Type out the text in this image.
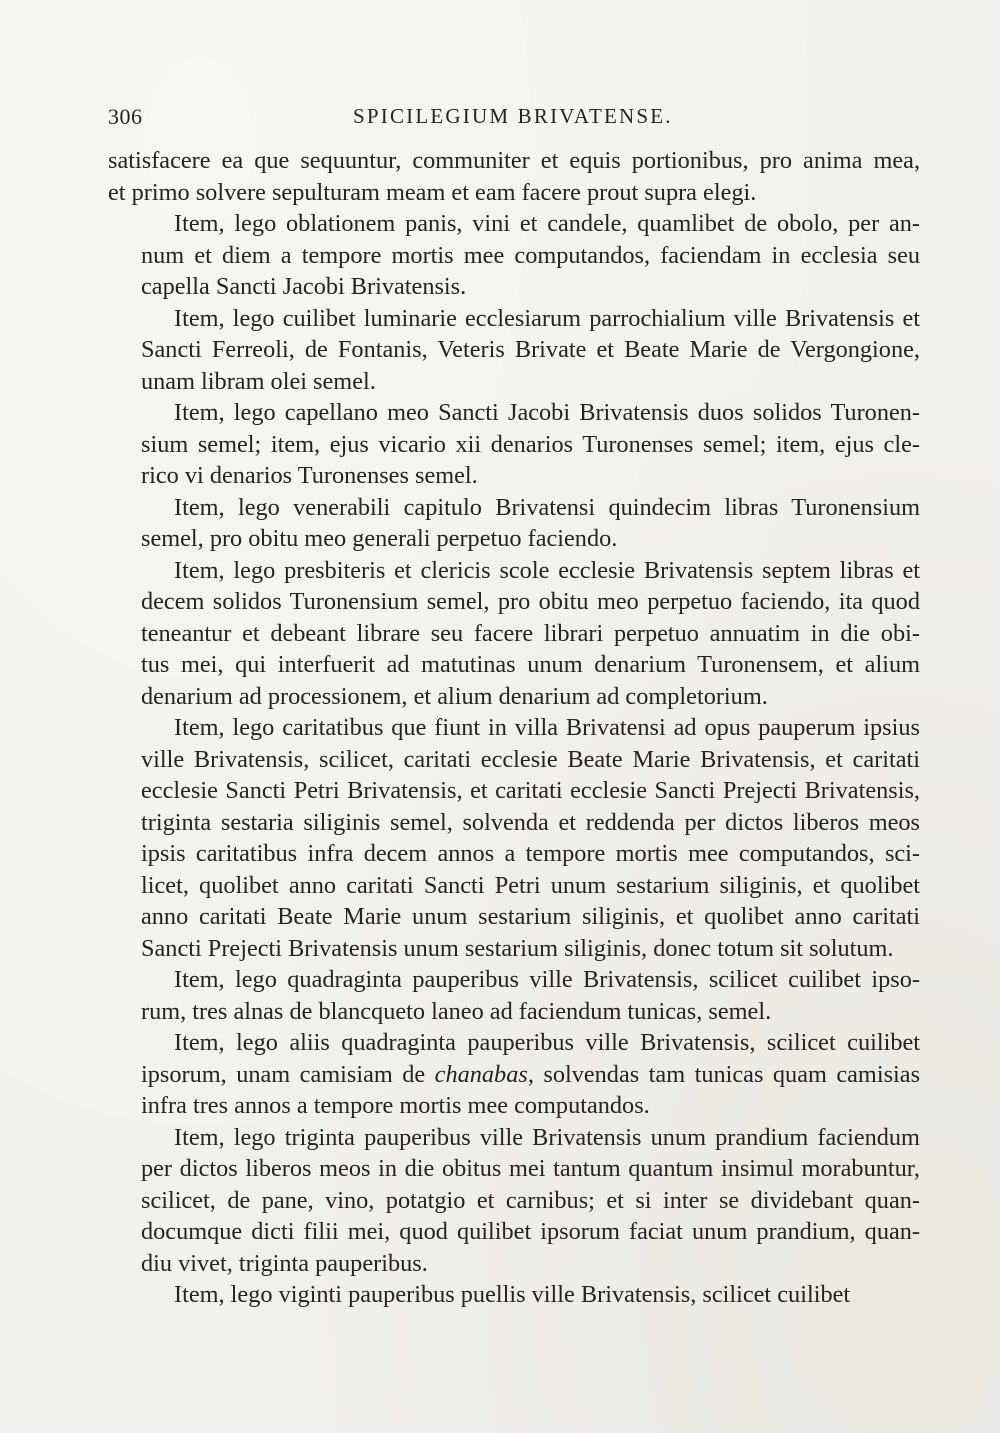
306	SPICILEGIUM BRIVATENSE.
satisfacere ea que sequuntur, communiter et equis portionibus, pro anima mea,
et primo solvere sepulturam meam et eam facere prout supra elegi.
Item, lego oblationem panis, vini et candele, quamlibet de obolo, per an-
num et diem a tempore mortis mee computandos, faciendam in ecclesia seu
capella Sancti Jacobi Brivatensis.
Item, lego cuilibet luminarie ecclesiarum parrochialium ville Brivatensis et
Sancti Ferreoli, de Fontanis, Veteris Brivate et Beate Marie de Vergongione,
unam libram olei semel.
Item, lego capellano meo Sancti Jacobi Brivatensis duos solidos Turonen-
sium semel; item, ejus vicario xii denarios Turonenses semel; item, ejus cle-
rico vi denarios Turonenses semel.
Item, lego venerabili capitulo Brivatensi quindecim libras Turonensium
semel, pro obitu meo generali perpetuo faciendo.
Item, lego presbiteris et clericis scole ecclesie Brivatensis septem libras et
decem solidos Turonensium semel, pro obitu meo perpetuo faciendo, ita quod
teneantur et debeant librare seu facere librari perpetuo annuatim in die obi-
tus mei, qui interfuerit ad matutinas unum denarium Turonensem, et alium
denarium ad processionem, et alium denarium ad completorium.
Item, lego caritatibus que fiunt in villa Brivatensi ad opus pauperum ipsius
ville Brivatensis, scilicet, caritati ecclesie Beate Marie Brivatensis, et caritati
ecclesie Sancti Petri Brivatensis, et caritati ecclesie Sancti Prejecti Brivatensis,
triginta sestaria siliginis semel, solvenda et reddenda per dictos liberos meos
ipsis caritatibus infra decem annos a tempore mortis mee computandos, sci-
licet, quolibet anno caritati Sancti Petri unum sestarium siliginis, et quolibet
anno caritati Beate Marie unum sestarium siliginis, et quolibet anno caritati
Sancti Prejecti Brivatensis unum sestarium siliginis, donec totum sit solutum.
Item, lego quadraginta pauperibus ville Brivatensis, scilicet cuilibet ipso-
rum, tres alnas de blancqueto laneo ad faciendum tunicas, semel.
Item, lego aliis quadraginta pauperibus ville Brivatensis, scilicet cuilibet
ipsorum, unam camisiam de chanabas, solvendas tam tunicas quam camisias
infra tres annos a tempore mortis mee computandos.
Item, lego triginta pauperibus ville Brivatensis unum prandium faciendum
per dictos liberos meos in die obitus mei tantum quantum insimul morabuntur,
scilicet, de pane, vino, potatgio et carnibus; et si inter se dividebant quan-
documque dicti filii mei, quod quilibet ipsorum faciat unum prandium, quan-
diu vivet, triginta pauperibus.
Item, lego viginti pauperibus puellis ville Brivatensis, scilicet cuilibet
